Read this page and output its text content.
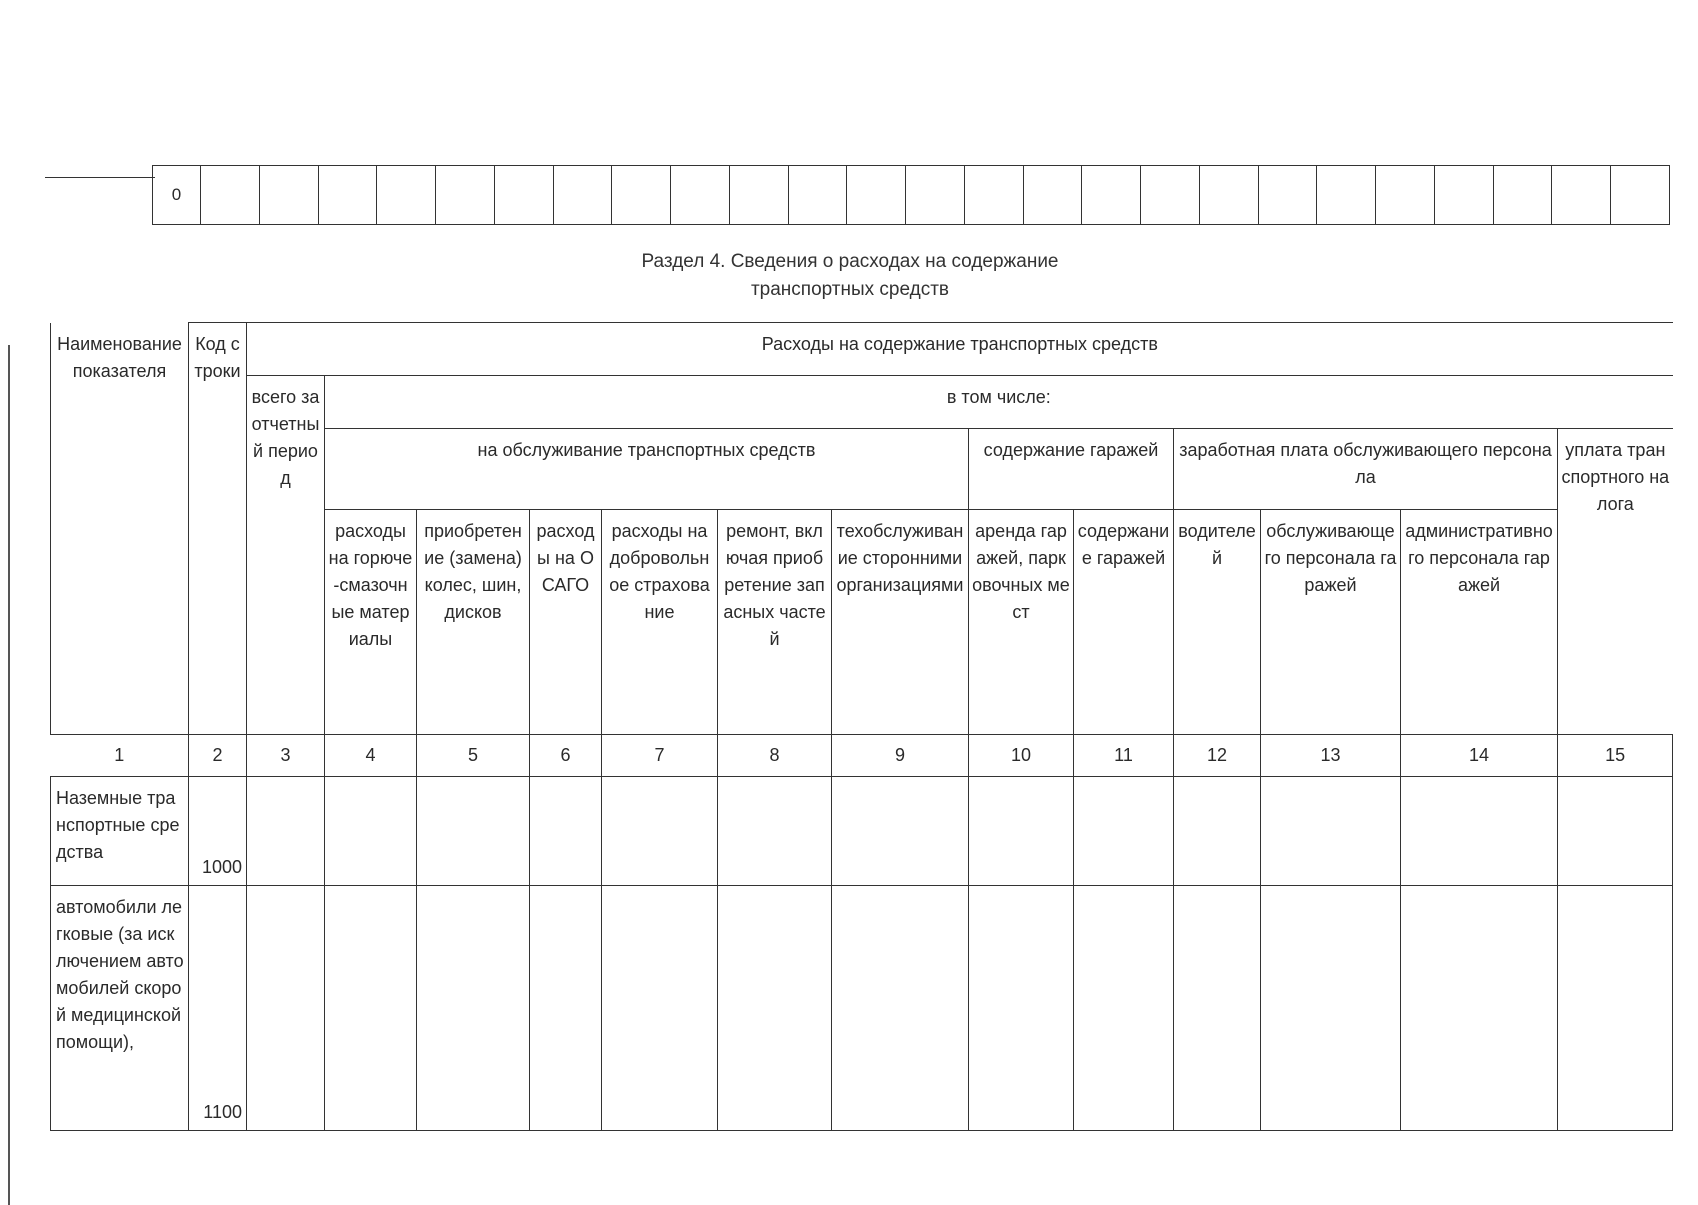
0																									
Раздел 4. Сведения о расходах на содержание
транспортных средств
Наименование показателя	Код строки	Расходы на содержание транспортных средств												
		всего за отчетный период	в том числе:											
			на обслуживание транспортных средств						содержание гаражей		заработная плата обслуживающего персонала			уплата транспортного налога
			расходы на горюче-смазочные материалы	приобретение (замена) колес, шин, дисков	расходы на ОСАГО	расходы на добровольное страхование	ремонт, включая приобретение запасных частей	техобслуживание сторонними организациями	аренда гаражей, парковочных мест	содержание гаражей	водителей	обслуживающего персонала гаражей	административного персонала гаражей	
1	2	3	4	5	6	7	8	9	10	11	12	13	14	15
Наземные транспортные средства	1000													
автомобили легковые (за исключением автомобилей скорой медицинской помощи),	1100													
